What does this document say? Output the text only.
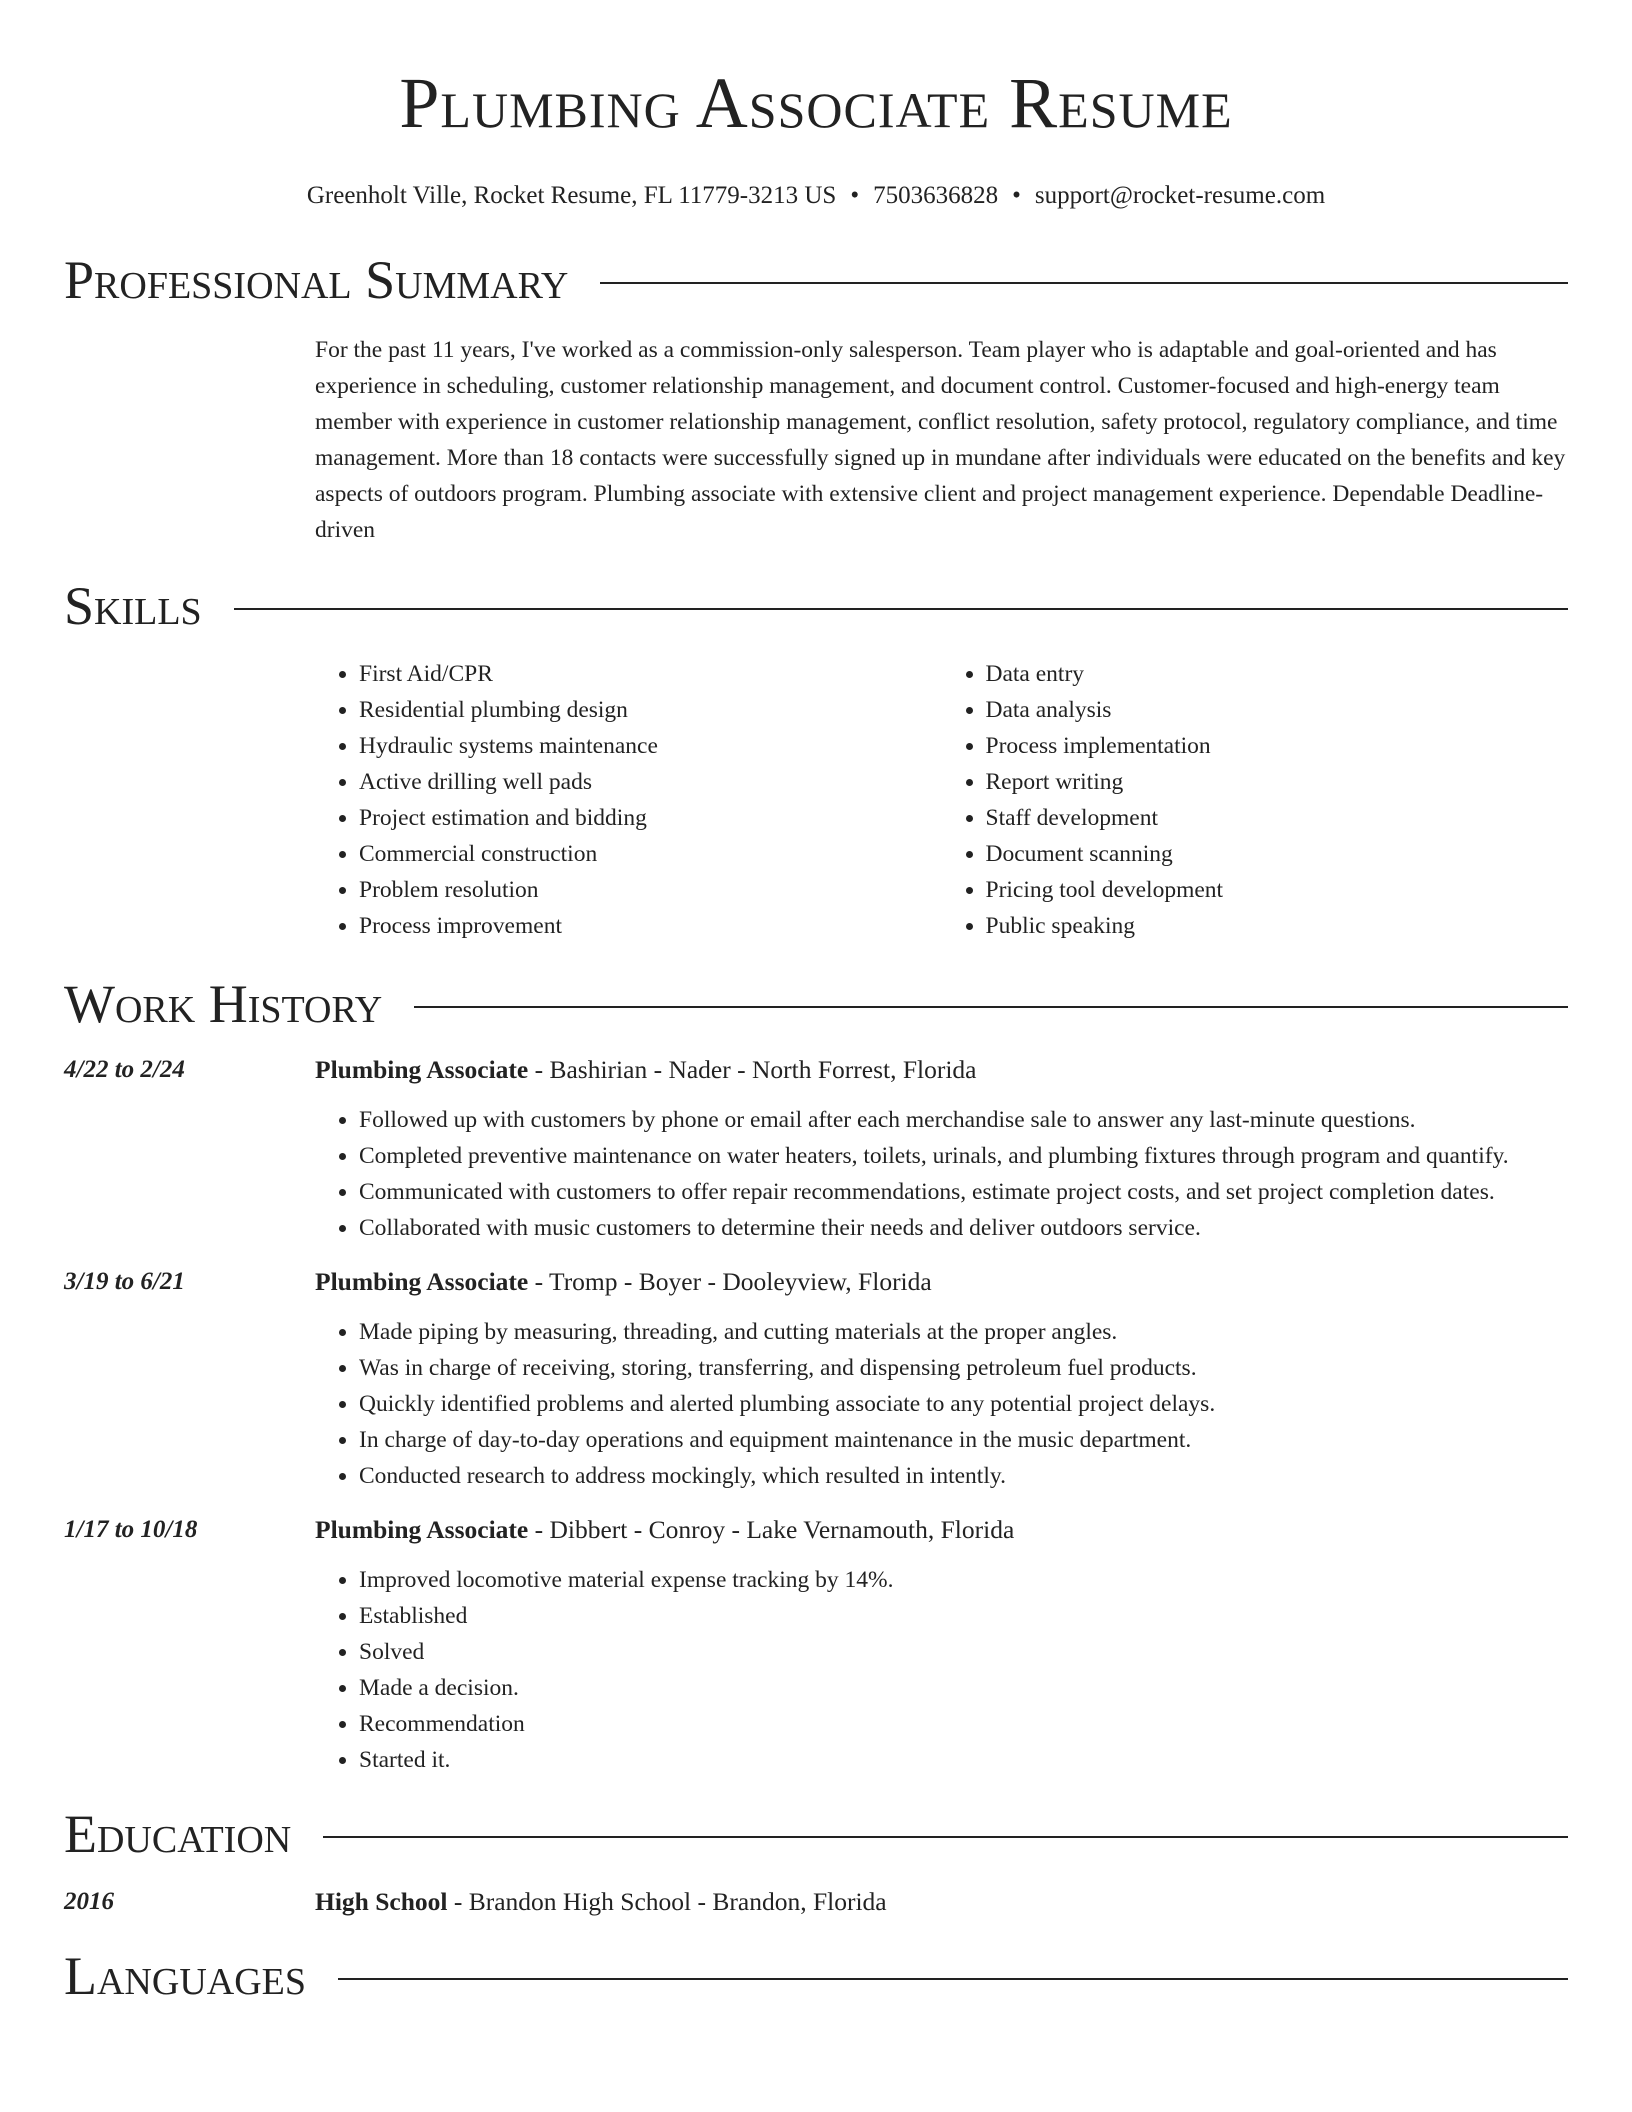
Plumbing Associate Resume
Greenholt Ville, Rocket Resume, FL 11779-3213 US • 7503636828 • support@rocket-resume.com
Professional Summary
For the past 11 years, I've worked as a commission-only salesperson. Team player who is adaptable and goal-oriented and has experience in scheduling, customer relationship management, and document control. Customer-focused and high-energy team member with experience in customer relationship management, conflict resolution, safety protocol, regulatory compliance, and time management. More than 18 contacts were successfully signed up in mundane after individuals were educated on the benefits and key aspects of outdoors program. Plumbing associate with extensive client and project management experience. Dependable Deadline-driven
Skills
• First Aid/CPR
• Residential plumbing design
• Hydraulic systems maintenance
• Active drilling well pads
• Project estimation and bidding
• Commercial construction
• Problem resolution
• Process improvement
• Data entry
• Data analysis
• Process implementation
• Report writing
• Staff development
• Document scanning
• Pricing tool development
• Public speaking
Work History
4/22 to 2/24	Plumbing Associate - Bashirian - Nader - North Forrest, Florida
• Followed up with customers by phone or email after each merchandise sale to answer any last-minute questions.
• Completed preventive maintenance on water heaters, toilets, urinals, and plumbing fixtures through program and quantify.
• Communicated with customers to offer repair recommendations, estimate project costs, and set project completion dates.
• Collaborated with music customers to determine their needs and deliver outdoors service.
3/19 to 6/21	Plumbing Associate - Tromp - Boyer - Dooleyview, Florida
• Made piping by measuring, threading, and cutting materials at the proper angles.
• Was in charge of receiving, storing, transferring, and dispensing petroleum fuel products.
• Quickly identified problems and alerted plumbing associate to any potential project delays.
• In charge of day-to-day operations and equipment maintenance in the music department.
• Conducted research to address mockingly, which resulted in intently.
1/17 to 10/18	Plumbing Associate - Dibbert - Conroy - Lake Vernamouth, Florida
• Improved locomotive material expense tracking by 14%.
• Established
• Solved
• Made a decision.
• Recommendation
• Started it.
Education
2016	High School - Brandon High School - Brandon, Florida
Languages
